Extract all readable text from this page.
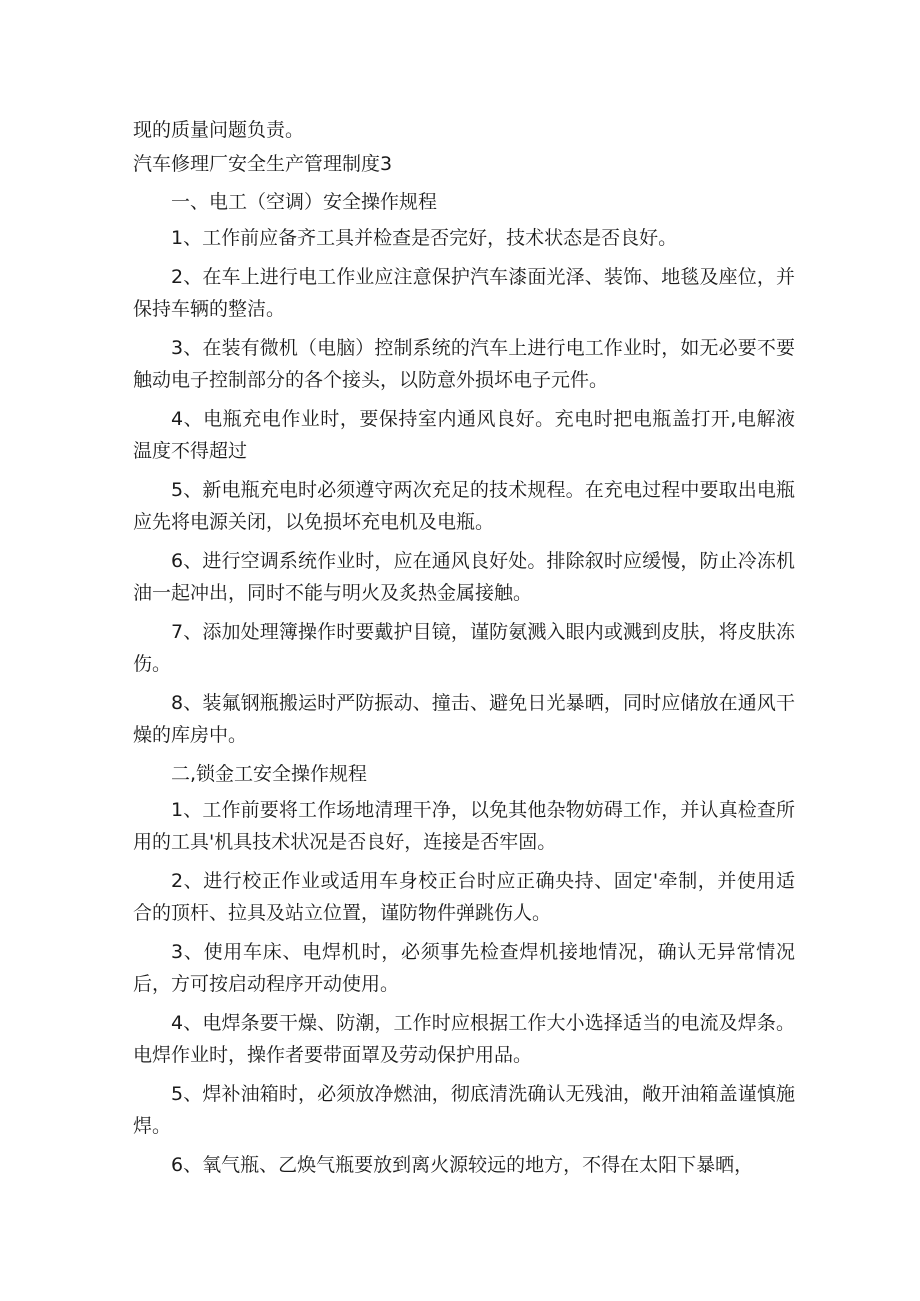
现的质量问题负责。

汽车修理厂安全生产管理制度3

一、电工（空调）安全操作规程

1、工作前应备齐工具并检查是否完好，技术状态是否良好。

2、在车上进行电工作业应注意保护汽车漆面光泽、装饰、地毯及座位，并保持车辆的整洁。

3、在装有微机（电脑）控制系统的汽车上进行电工作业时，如无必要不要触动电子控制部分的各个接头，以防意外损坏电子元件。

4、电瓶充电作业时，要保持室内通风良好。充电时把电瓶盖打开,电解液温度不得超过

5、新电瓶充电时必须遵守两次充足的技术规程。在充电过程中要取出电瓶应先将电源关闭，以免损坏充电机及电瓶。

6、进行空调系统作业时，应在通风良好处。排除叙时应缓慢，防止冷冻机油一起冲出，同时不能与明火及炙热金属接触。

7、添加处理簿操作时要戴护目镜，谨防氨溅入眼内或溅到皮肤，将皮肤冻伤。

8、装氟钢瓶搬运时严防振动、撞击、避免日光暴晒，同时应储放在通风干燥的库房中。

二,锁金工安全操作规程

1、工作前要将工作场地清理干净，以免其他杂物妨碍工作，并认真检查所用的工具'机具技术状况是否良好，连接是否牢固。

2、进行校正作业或适用车身校正台时应正确央持、固定'牵制，并使用适合的顶杆、拉具及站立位置，谨防物件弹跳伤人。

3、使用车床、电焊机时，必须事先检查焊机接地情况，确认无异常情况后，方可按启动程序开动使用。

4、电焊条要干燥、防潮，工作时应根据工作大小选择适当的电流及焊条。电焊作业时，操作者要带面罩及劳动保护用品。

5、焊补油箱时，必须放净燃油，彻底清洗确认无残油，敞开油箱盖谨慎施焊。

6、氧气瓶、乙焕气瓶要放到离火源较远的地方，不得在太阳下暴晒，
